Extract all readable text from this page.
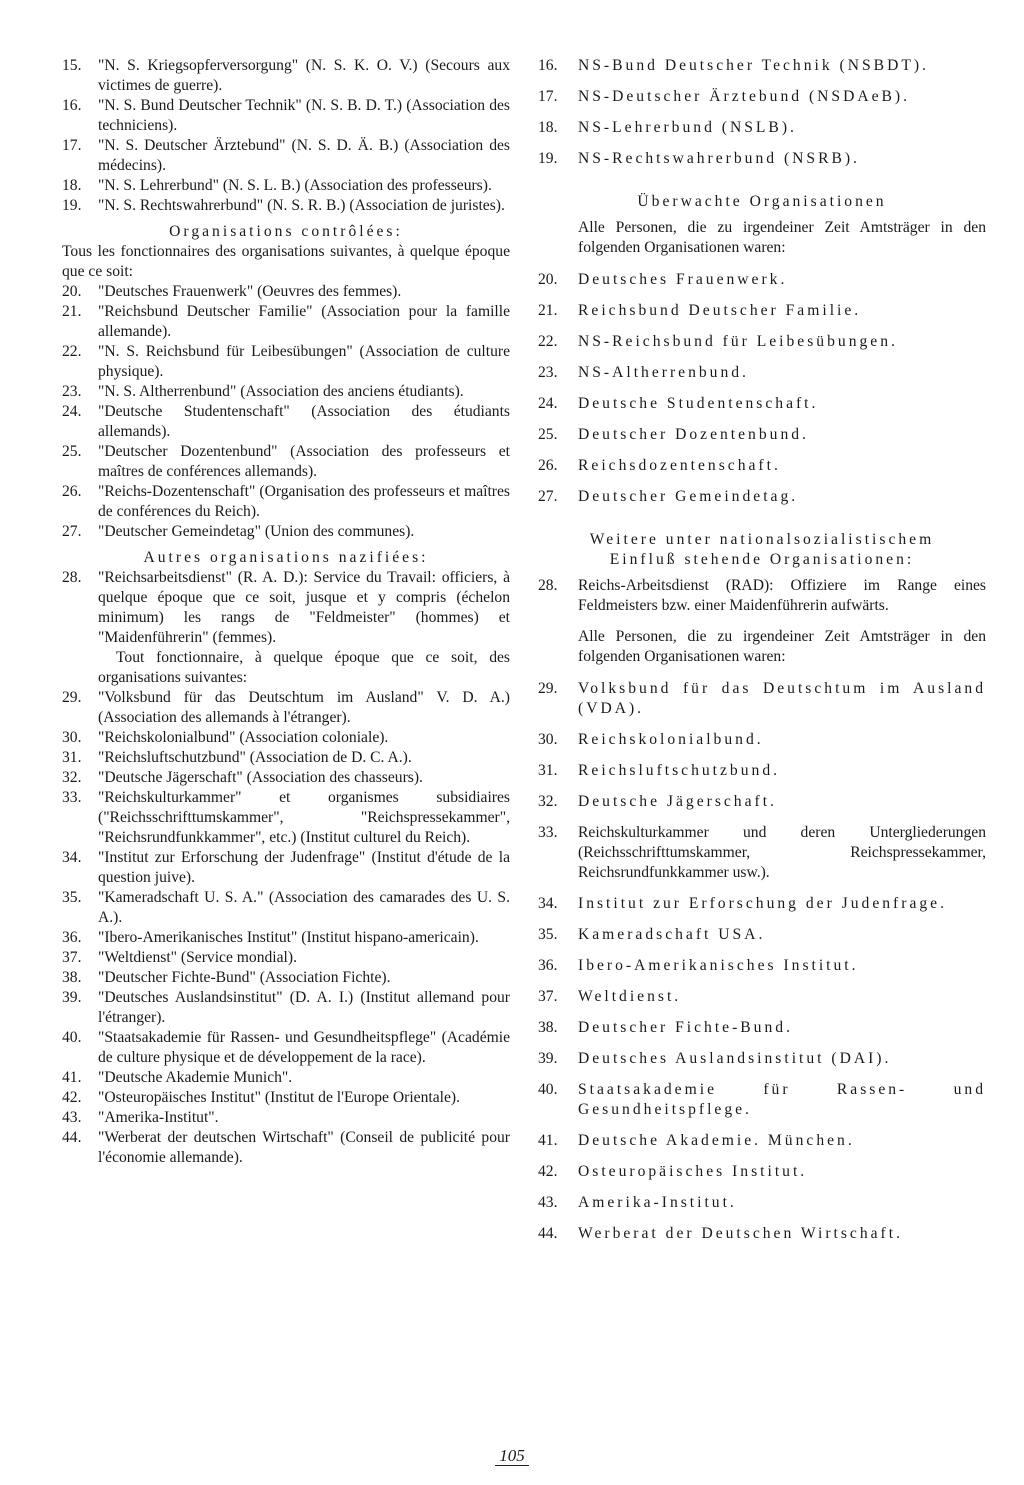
15.	"N. S. Kriegsopferversorgung" (N. S. K. O. V.) (Secours aux victimes de guerre).
16.	"N. S. Bund Deutscher Technik" (N. S. B. D. T.) (Association des techniciens).
17.	"N. S. Deutscher Ärztebund" (N. S. D. Ä. B.) (Association des médecins).
18.	"N. S. Lehrerbund" (N. S. L. B.) (Association des professeurs).
19.	"N. S. Rechtswahrerbund" (N. S. R. B.) (Association de juristes).
Organisations contrôlées:
Tous les fonctionnaires des organisations suivantes, à quelque époque que ce soit:
20.	"Deutsches Frauenwerk" (Oeuvres des femmes).
21.	"Reichsbund Deutscher Familie" (Association pour la famille allemande).
22.	"N. S. Reichsbund für Leibesübungen" (Association de culture physique).
23.	"N. S. Altherrenbund" (Association des anciens étudiants).
24.	"Deutsche Studentenschaft" (Association des étudiants allemands).
25.	"Deutscher Dozentenbund" (Association des professeurs et maîtres de conférences allemands).
26.	"Reichs-Dozentenschaft" (Organisation des professeurs et maîtres de conférences du Reich).
27.	"Deutscher Gemeindetag" (Union des communes).
Autres organisations nazifiées:
28.	"Reichsarbeitsdienst" (R. A. D.): Service du Travail: officiers, à quelque époque que ce soit, jusque et y compris (échelon minimum) les rangs de "Feldmeister" (hommes) et "Maidenführerin" (femmes).
Tout fonctionnaire, à quelque époque que ce soit, des organisations suivantes:
29.	"Volksbund für das Deutschtum im Ausland" V. D. A.) (Association des allemands à l'étranger).
30.	"Reichskolonialbund" (Association coloniale).
31.	"Reichsluftschutzbund" (Association de D. C. A.).
32.	"Deutsche Jägerschaft" (Association des chasseurs).
33.	"Reichskulturkammer" et organismes subsidiaires ("Reichsschrifttumskammer", "Reichspressekammer", "Reichsrundfunkkammer", etc.) (Institut culturel du Reich).
34.	"Institut zur Erforschung der Judenfrage" (Institut d'étude de la question juive).
35.	"Kameradschaft U. S. A." (Association des camarades des U. S. A.).
36.	"Ibero-Amerikanisches Institut" (Institut hispano-americain).
37.	"Weltdienst" (Service mondial).
38.	"Deutscher Fichte-Bund" (Association Fichte).
39.	"Deutsches Auslandsinstitut" (D. A. I.) (Institut allemand pour l'étranger).
40.	"Staatsakademie für Rassen- und Gesundheitspflege" (Académie de culture physique et de développement de la race).
41.	"Deutsche Akademie Munich".
42.	"Osteuropäisches Institut" (Institut de l'Europe Orientale).
43.	"Amerika-Institut".
44.	"Werberat der deutschen Wirtschaft" (Conseil de publicité pour l'économie allemande).
16.	NS-Bund Deutscher Technik (NSBDT).
17.	NS-Deutscher Ärztebund (NSDAeB).
18.	NS-Lehrerbund (NSLB).
19.	NS-Rechtswahrerbund (NSRB).
Überwachte Organisationen
Alle Personen, die zu irgendeiner Zeit Amtsträger in den folgenden Organisationen waren:
20.	Deutsches Frauenwerk.
21.	Reichsbund Deutscher Familie.
22.	NS-Reichsbund für Leibesübungen.
23.	NS-Altherrenbund.
24.	Deutsche Studentenschaft.
25.	Deutscher Dozentenbund.
26.	Reichsdozentenschaft.
27.	Deutscher Gemeindetag.
Weitere unter nationalsozialistischem Einfluß stehende Organisationen:
28.	Reichs-Arbeitsdienst (RAD): Offiziere im Range eines Feldmeisters bzw. einer Maidenführerin aufwärts.
Alle Personen, die zu irgendeiner Zeit Amtsträger in den folgenden Organisationen waren:
29.	Volksbund für das Deutschtum im Ausland (VDA).
30.	Reichskolonialbund.
31.	Reichsluftschutzbund.
32.	Deutsche Jägerschaft.
33.	Reichskulturkammer und deren Untergliederungen (Reichsschrifttumskammer, Reichspressekammer, Reichsrundfunkkammer usw.).
34.	Institut zur Erforschung der Judenfrage.
35.	Kameradschaft USA.
36.	Ibero-Amerikanisches Institut.
37.	Weltdienst.
38.	Deutscher Fichte-Bund.
39.	Deutsches Auslandsinstitut (DAI).
40.	Staatsakademie für Rassen- und Gesundheitspflege.
41.	Deutsche Akademie. München.
42.	Osteuropäisches Institut.
43.	Amerika-Institut.
44.	Werberat der Deutschen Wirtschaft.
105
